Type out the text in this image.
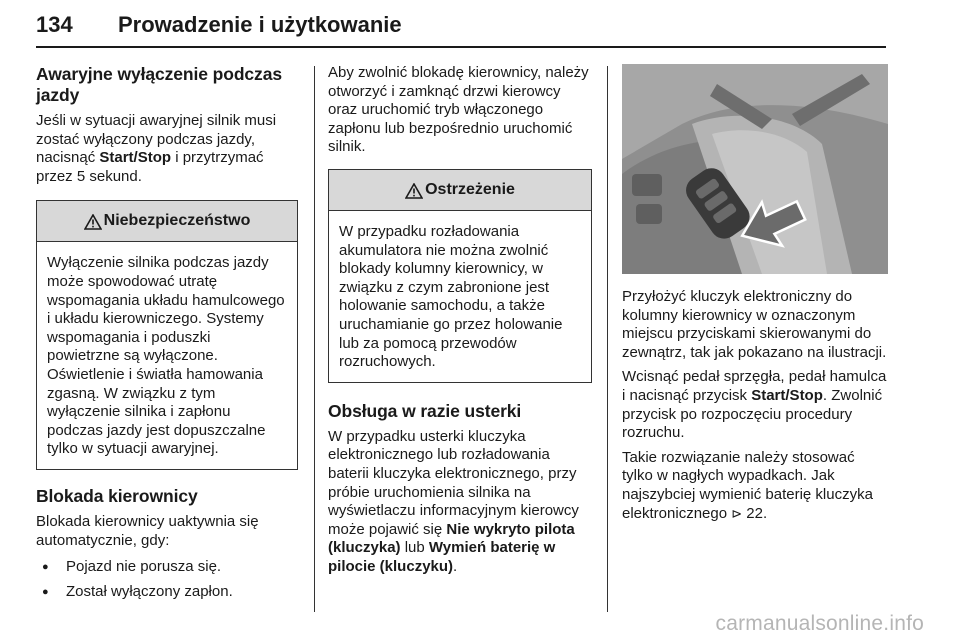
134 Prowadzenie i użytkowanie
Awaryjne wyłączenie podczas jazdy

Jeśli w sytuacji awaryjnej silnik musi zostać wyłączony podczas jazdy, nacisnąć Start/Stop i przytrzymać przez 5 sekund.

Niebezpieczeństwo
Wyłączenie silnika podczas jazdy może spowodować utratę wspomagania układu hamulcowego i układu kierowniczego. Systemy wspomagania i poduszki powietrzne są wyłączone. Oświetlenie i światła hamowania zgasną. W związku z tym wyłączenie silnika i zapłonu podczas jazdy jest dopuszczalne tylko w sytuacji awaryjnej.
Blokada kierownicy

Blokada kierownicy uaktywnia się automatycznie, gdy:

● Pojazd nie porusza się.
● Został wyłączony zapłon.

Aby zwolnić blokadę kierownicy, należy otworzyć i zamknąć drzwi kierowcy oraz uruchomić tryb włączonego zapłonu lub bezpośrednio uruchomić silnik.

Ostrzeżenie
W przypadku rozładowania akumulatora nie można zwolnić blokady kolumny kierownicy, w związku z czym zabronione jest holowanie samochodu, a także uruchamianie go przez holowanie lub za pomocą przewodów rozruchowych.
Obsługa w razie usterki

W przypadku usterki kluczyka elektronicznego lub rozładowania baterii kluczyka elektronicznego, przy próbie uruchomienia silnika na wyświetlaczu informacyjnym kierowcy może pojawić się Nie wykryto pilota (kluczyka) lub Wymień baterię w pilocie (kluczyku).

Przyłożyć kluczyk elektroniczny do kolumny kierownicy w oznaczonym miejscu przyciskami skierowanymi do zewnątrz, tak jak pokazano na ilustracji.

Wcisnąć pedał sprzęgła, pedał hamulca i nacisnąć przycisk Start/Stop. Zwolnić przycisk po rozpoczęciu procedury rozruchu.

Takie rozwiązanie należy stosować tylko w nagłych wypadkach. Jak najszybciej wymienić baterię kluczyka elektronicznego ⊳ 22.

carmanualsonline.info
